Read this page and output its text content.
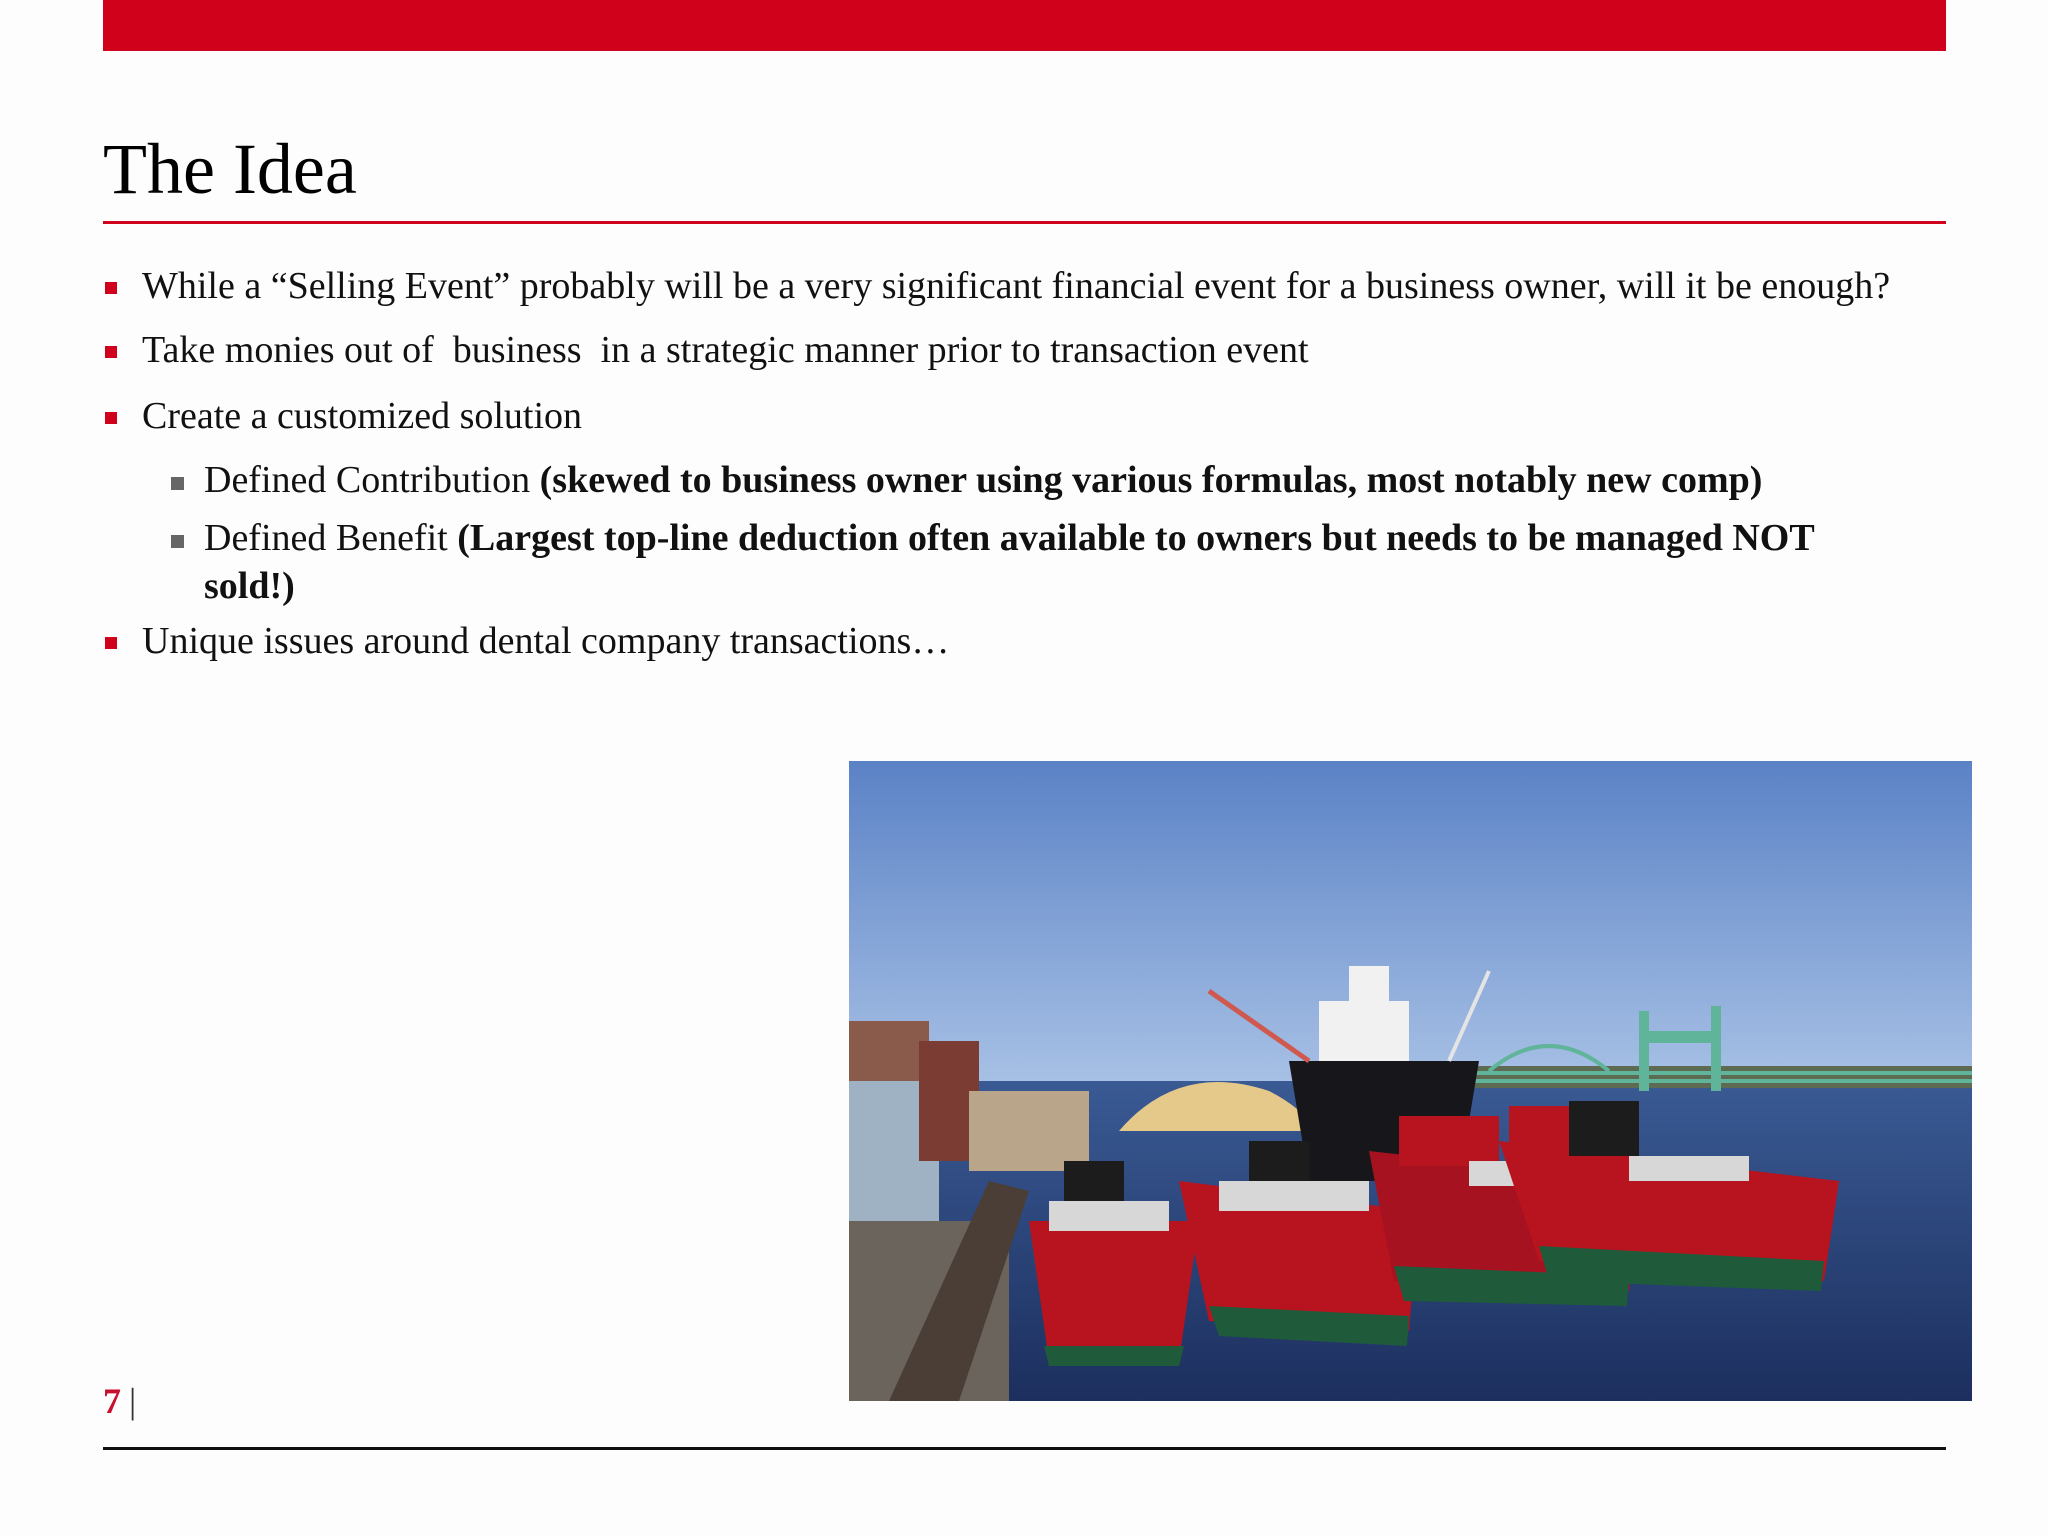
The Idea
While a “Selling Event” probably will be a very significant financial event for a business owner, will it be enough?
Take monies out of  business  in a strategic manner prior to transaction event
Create a customized solution
Defined Contribution (skewed to business owner using various formulas, most notably new comp)
Defined Benefit (Largest top-line deduction often available to owners but needs to be managed NOT sold!)
Unique issues around dental company transactions…
7 |
